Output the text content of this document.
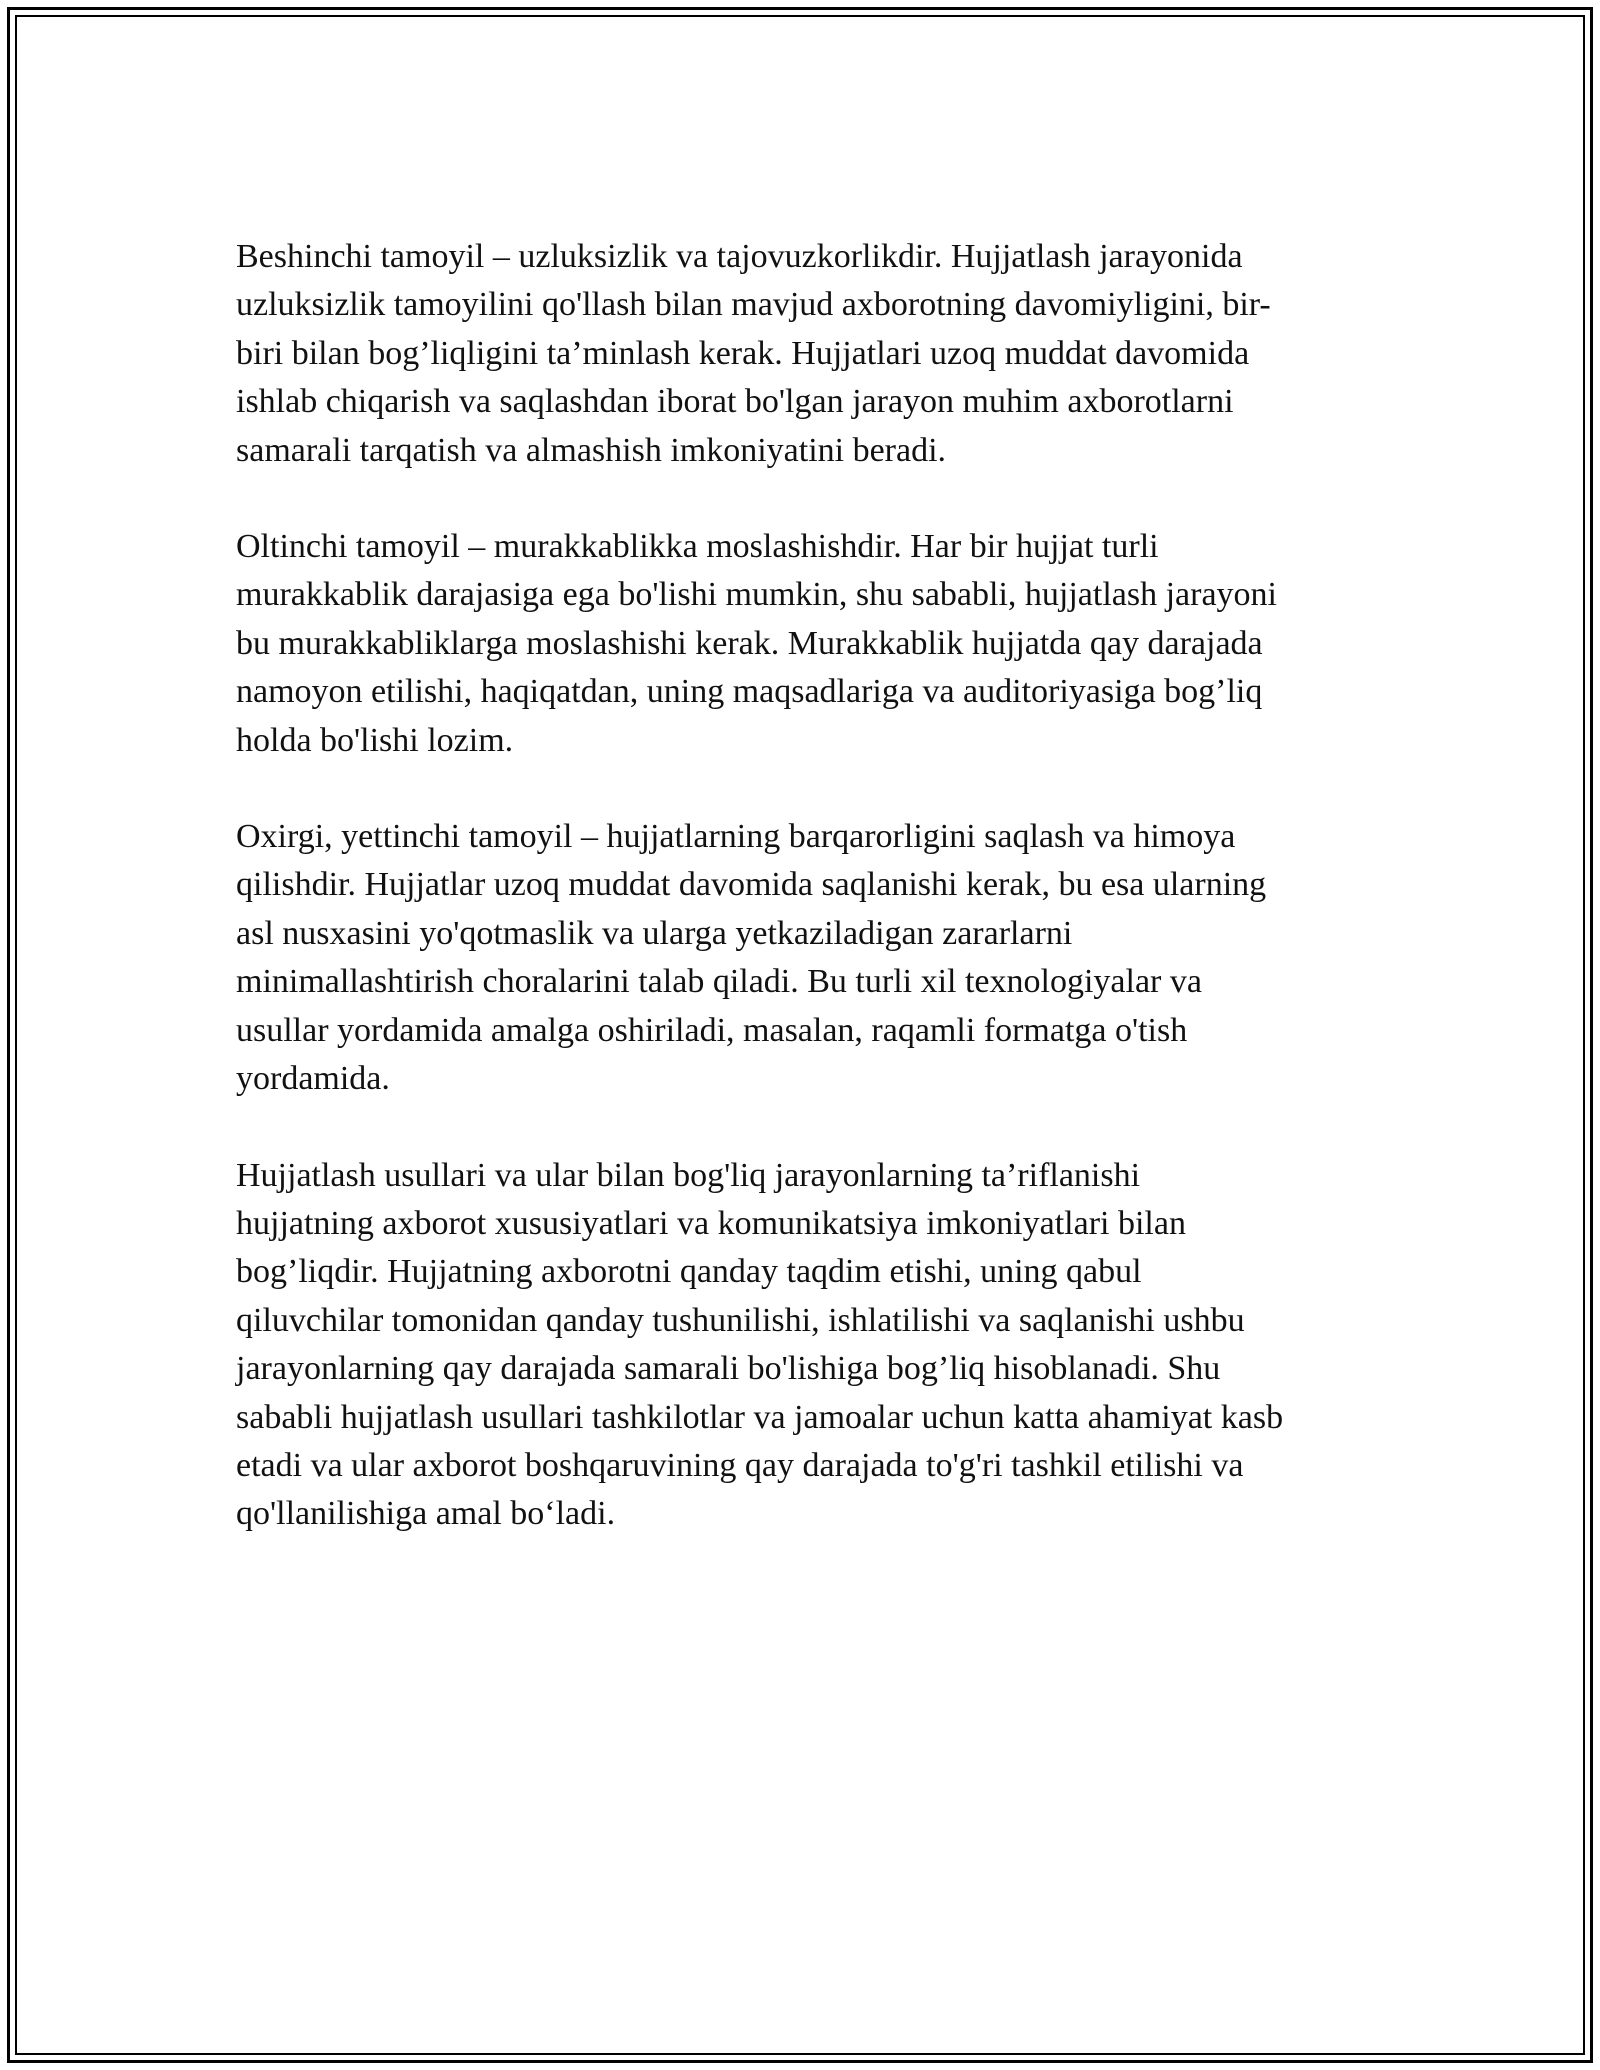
Beshinchi tamoyil – uzluksizlik va tajovuzkorlikdir. Hujjatlash jarayonida
uzluksizlik tamoyilini qo'llash bilan mavjud axborotning davomiyligini, bir-
biri bilan bog’liqligini ta’minlash kerak. Hujjatlari uzoq muddat davomida
ishlab chiqarish va saqlashdan iborat bo'lgan jarayon muhim axborotlarni
samarali tarqatish va almashish imkoniyatini beradi.

Oltinchi tamoyil – murakkablikka moslashishdir. Har bir hujjat turli
murakkablik darajasiga ega bo'lishi mumkin, shu sababli, hujjatlash jarayoni
bu murakkabliklarga moslashishi kerak. Murakkablik hujjatda qay darajada
namoyon etilishi, haqiqatdan, uning maqsadlariga va auditoriyasiga bog’liq
holda bo'lishi lozim.

Oxirgi, yettinchi tamoyil – hujjatlarning barqarorligini saqlash va himoya
qilishdir. Hujjatlar uzoq muddat davomida saqlanishi kerak, bu esa ularning
asl nusxasini yo'qotmaslik va ularga yetkaziladigan zararlarni
minimallashtirish choralarini talab qiladi. Bu turli xil texnologiyalar va
usullar yordamida amalga oshiriladi, masalan, raqamli formatga o'tish
yordamida.

Hujjatlash usullari va ular bilan bog'liq jarayonlarning ta’riflanishi
hujjatning axborot xususiyatlari va komunikatsiya imkoniyatlari bilan
bog’liqdir. Hujjatning axborotni qanday taqdim etishi, uning qabul
qiluvchilar tomonidan qanday tushunilishi, ishlatilishi va saqlanishi ushbu
jarayonlarning qay darajada samarali bo'lishiga bog’liq hisoblanadi. Shu
sababli hujjatlash usullari tashkilotlar va jamoalar uchun katta ahamiyat kasb
etadi va ular axborot boshqaruvining qay darajada to'g'ri tashkil etilishi va
qo'llanilishiga amal bo‘ladi.
